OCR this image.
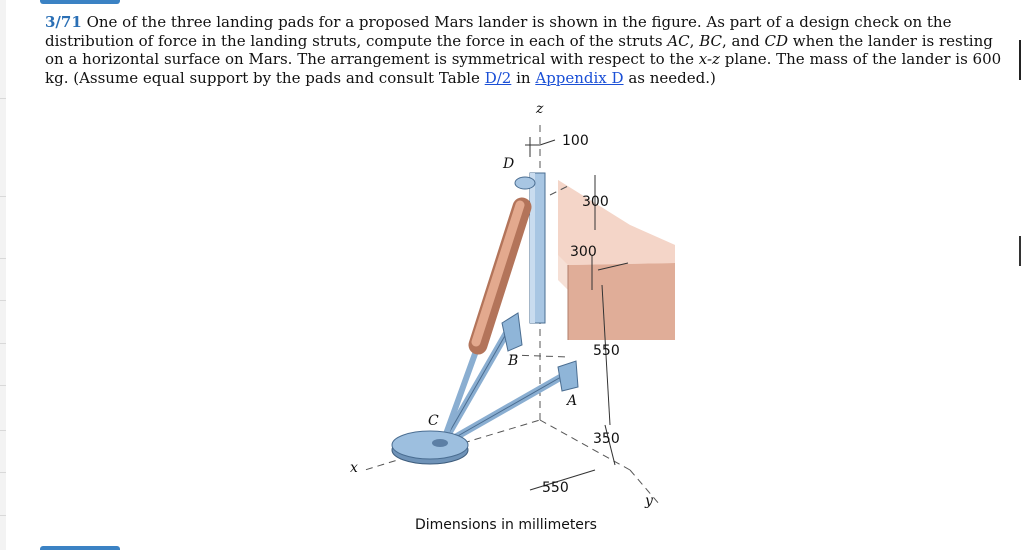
3/71 One of the three landing pads for a proposed Mars lander is shown in the figure. As part of a design check on the distribution of force in the landing struts, compute the force in each of the struts AC, BC, and CD when the lander is resting on a horizontal surface on Mars. The arrangement is symmetrical with respect to the x-z plane. The mass of the lander is 600 kg. (Assume equal support by the pads and consult Table D/2 in Appendix D as needed.)
z
D
B
A
C
x
y
100
300
300
550
350
550
Dimensions in millimeters
